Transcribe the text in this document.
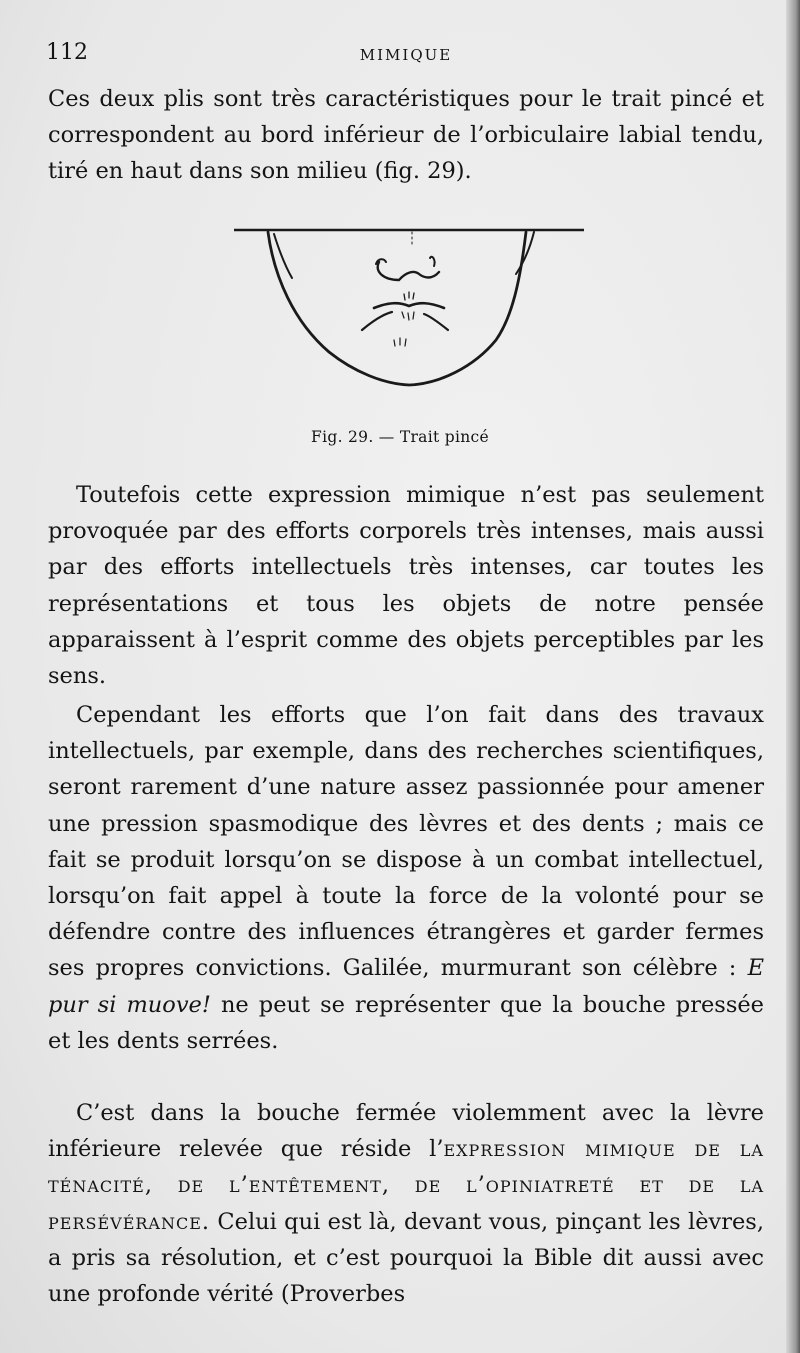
112	MIMIQUE

Ces deux plis sont très caractéristiques pour le trait pincé et correspondent au bord inférieur de l’orbiculaire labial tendu, tiré en haut dans son milieu (fig. 29).

Fig. 29. — Trait pincé

Toutefois cette expression mimique n’est pas seulement provoquée par des efforts corporels très intenses, mais aussi par des efforts intellectuels très intenses, car toutes les représentations et tous les objets de notre pensée apparaissent à l’esprit comme des objets perceptibles par les sens.

Cependant les efforts que l’on fait dans des travaux intellectuels, par exemple, dans des recherches scientifiques, seront rarement d’une nature assez passionnée pour amener une pression spasmodique des lèvres et des dents ; mais ce fait se produit lorsqu’on se dispose à un combat intellectuel, lorsqu’on fait appel à toute la force de la volonté pour se défendre contre des influences étrangères et garder fermes ses propres convictions. Galilée, murmurant son célèbre : E pur si muove! ne peut se représenter que la bouche pressée et les dents serrées.

C’est dans la bouche fermée violemment avec la lèvre inférieure relevée que réside l’expression mimique de la ténacité, de l’entêtement, de l’opiniatreté et de la persévérance. Celui qui est là, devant vous, pinçant les lèvres, a pris sa résolution, et c’est pourquoi la Bible dit aussi avec une profonde vérité (Proverbes
